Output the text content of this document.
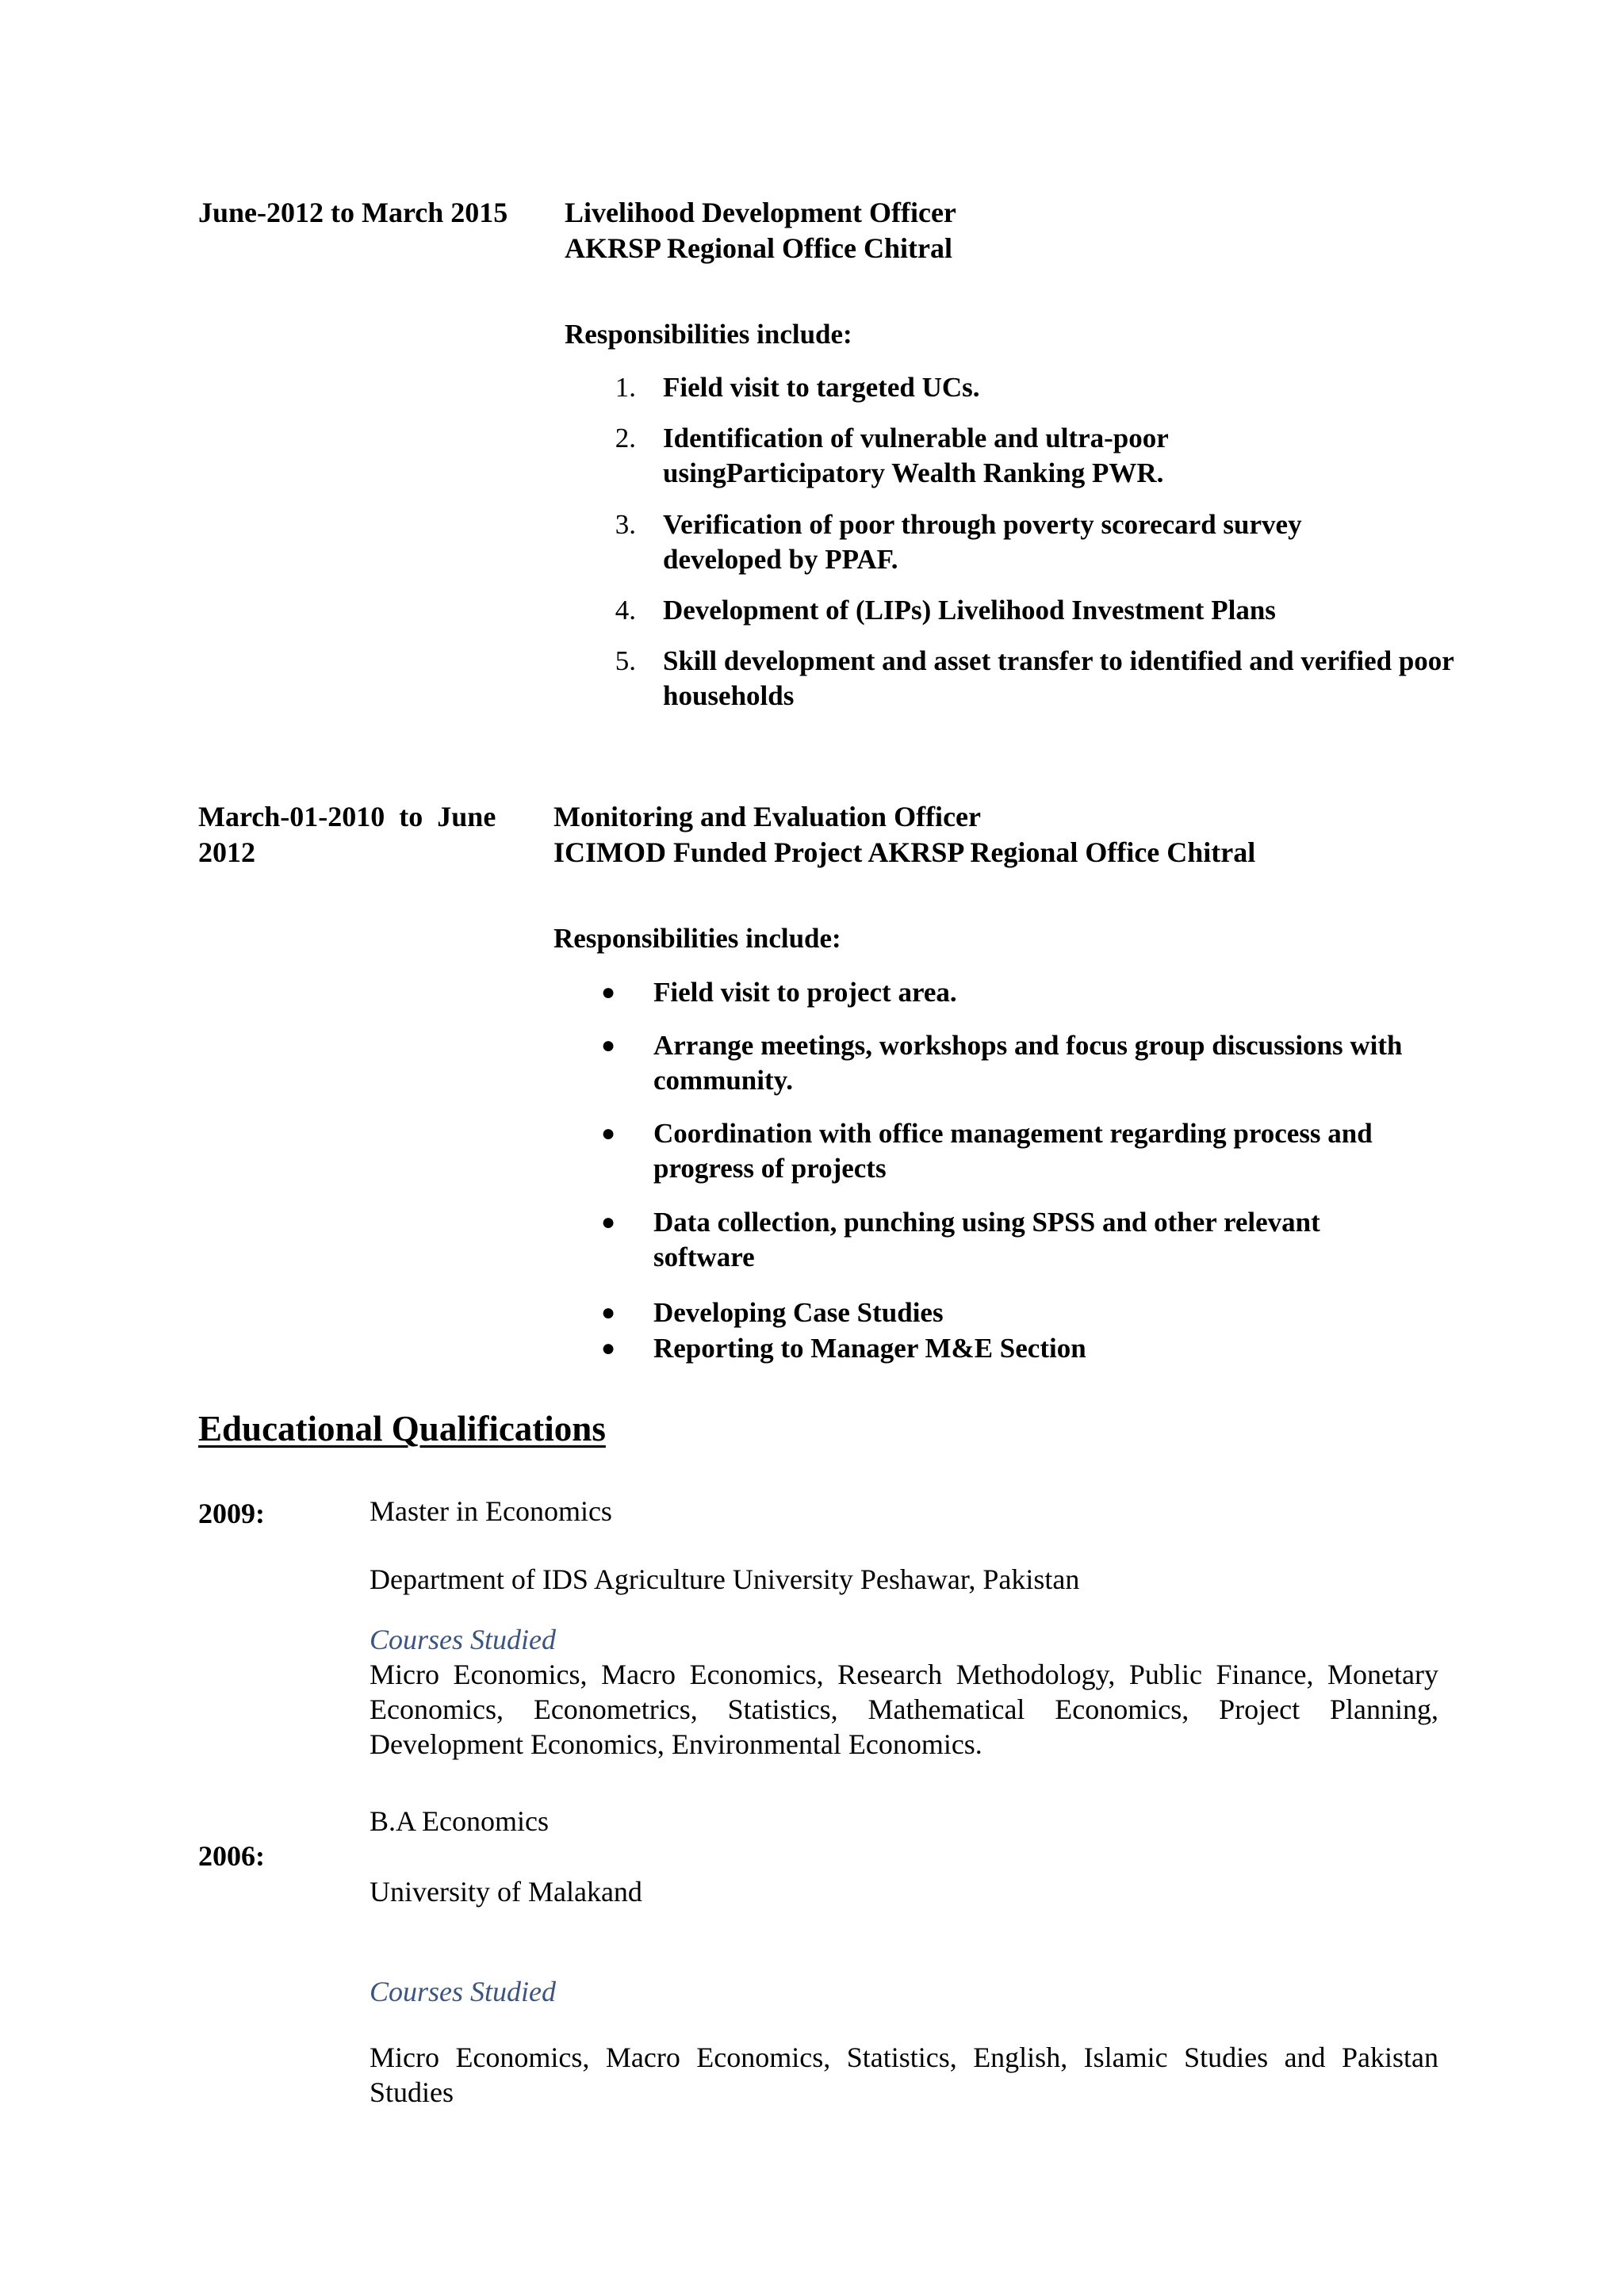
June-2012 to March 2015 Livelihood Development Officer
AKRSP Regional Office Chitral
Responsibilities include:
1. Field visit to targeted UCs.
2. Identification of vulnerable and ultra-poor usingParticipatory Wealth Ranking PWR.
3. Verification of poor through poverty scorecard survey developed by PPAF.
4. Development of (LIPs) Livelihood Investment Plans
5. Skill development and asset transfer to identified and verified poor households
March-01-2010  to  June
2012
Monitoring and Evaluation Officer
ICIMOD Funded Project AKRSP Regional Office Chitral
Responsibilities include:
● Field visit to project area.
● Arrange meetings, workshops and focus group discussions with community.
● Coordination with office management regarding process and progress of projects
● Data collection, punching using SPSS and other relevant software
● Developing Case Studies
● Reporting to Manager M&E Section
Educational Qualifications
2009:	Master in Economics
Department of IDS Agriculture University Peshawar, Pakistan
Courses Studied
Micro Economics, Macro Economics, Research Methodology, Public Finance, Monetary Economics, Econometrics, Statistics, Mathematical Economics, Project Planning, Development Economics, Environmental Economics.
B.A Economics
2006:
University of Malakand
Courses Studied
Micro Economics, Macro Economics, Statistics, English, Islamic Studies and Pakistan Studies
